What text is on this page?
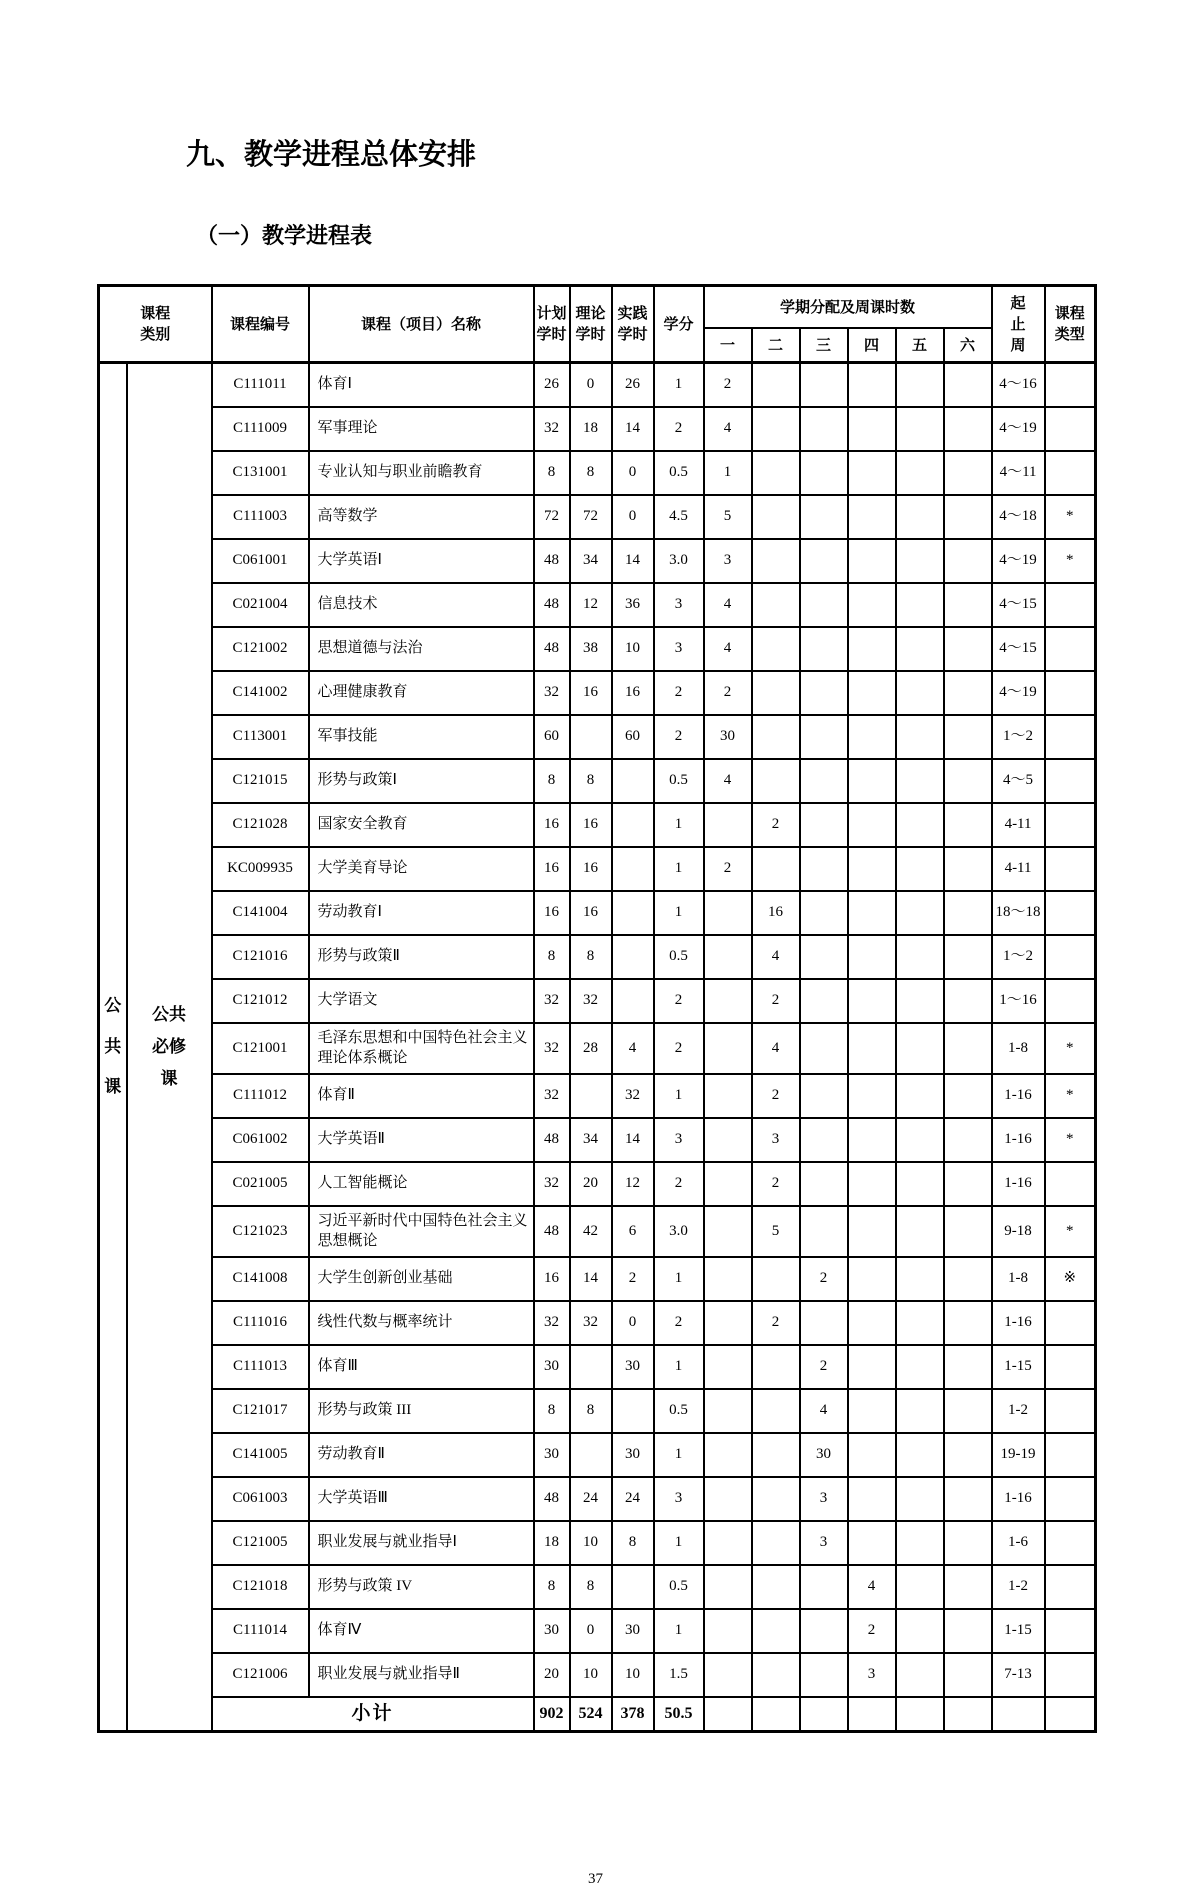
九、教学进程总体安排
（一）教学进程表
课程类别		课程编号	课程（项目）名称	计划学时	理论学时	实践学时	学分	学期分配及周课时数						起止周	课程类型
								一	二	三	四	五	六		
公共课	公共必修课	C111011	体育Ⅰ	26	0	26	1	2						4～16	
		C111009	军事理论	32	18	14	2	4						4～19	
		C131001	专业认知与职业前瞻教育	8	8	0	0.5	1						4～11	
		C111003	高等数学	72	72	0	4.5	5						4～18	*
		C061001	大学英语Ⅰ	48	34	14	3.0	3						4～19	*
		C021004	信息技术	48	12	36	3	4						4～15	
		C121002	思想道德与法治	48	38	10	3	4						4～15	
		C141002	心理健康教育	32	16	16	2	2						4～19	
		C113001	军事技能	60		60	2	30						1～2	
		C121015	形势与政策Ⅰ	8	8		0.5	4						4～5	
		C121028	国家安全教育	16	16		1		2					4-11	
		KC009935	大学美育导论	16	16		1	2						4-11	
		C141004	劳动教育Ⅰ	16	16		1		16					18～18	
		C121016	形势与政策Ⅱ	8	8		0.5		4					1～2	
		C121012	大学语文	32	32		2		2					1～16	
		C121001	毛泽东思想和中国特色社会主义理论体系概论	32	28	4	2		4					1-8	*
		C111012	体育Ⅱ	32		32	1		2					1-16	*
		C061002	大学英语Ⅱ	48	34	14	3		3					1-16	*
		C021005	人工智能概论	32	20	12	2		2					1-16	
		C121023	习近平新时代中国特色社会主义思想概论	48	42	6	3.0		5					9-18	*
		C141008	大学生创新创业基础	16	14	2	1			2				1-8	※
		C111016	线性代数与概率统计	32	32	0	2		2					1-16	
		C111013	体育Ⅲ	30		30	1			2				1-15	
		C121017	形势与政策 III	8	8		0.5			4				1-2	
		C141005	劳动教育Ⅱ	30		30	1			30				19-19	
		C061003	大学英语Ⅲ	48	24	24	3			3				1-16	
		C121005	职业发展与就业指导Ⅰ	18	10	8	1			3				1-6	
		C121018	形势与政策 IV	8	8		0.5				4			1-2	
		C111014	体育Ⅳ	30	0	30	1				2			1-15	
		C121006	职业发展与就业指导Ⅱ	20	10	10	1.5				3			7-13	
		小计		902	524	378	50.5								
37
